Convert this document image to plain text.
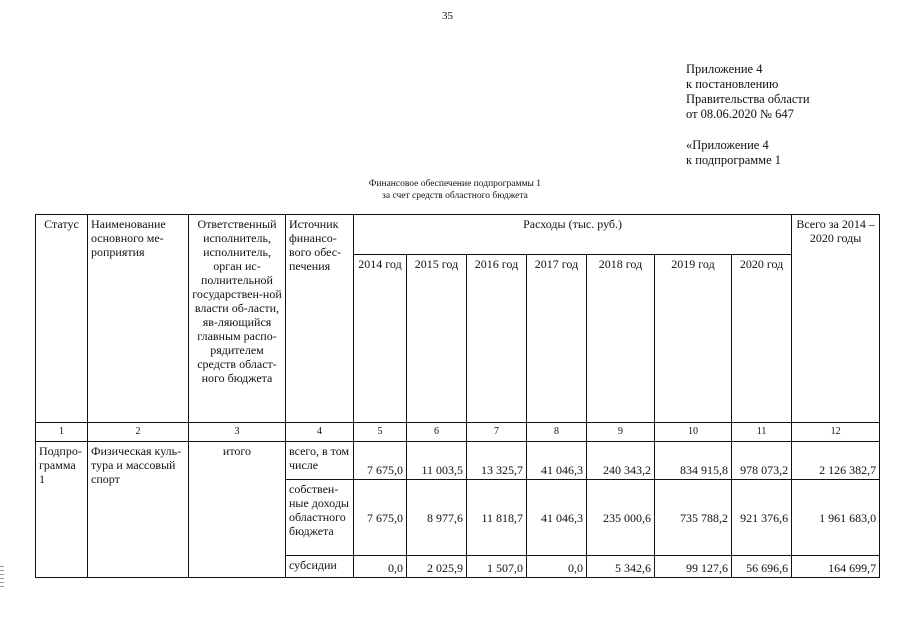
35
Приложение 4
к постановлению
Правительства области
от 08.06.2020 № 647
«Приложение 4
к подпрограмме 1
Финансовое обеспечение подпрограммы 1
за счет средств областного бюджета
Статус	Наименование основного ме-роприятия	Ответственный исполнитель, исполнитель, орган ис-полнительной государствен-ной власти об-ласти, яв-ляющийся главным распо-рядителем средств област-ного бюджета	Источник финансо-вого обес-печения	Расходы (тыс. руб.)							Всего за 2014 – 2020 годы
				2014 год	2015 год	2016 год	2017 год	2018 год	2019 год	2020 год	
1	2	3	4	5	6	7	8	9	10	11	12
Подпро-грамма 1	Физическая куль-тура и массовый спорт	итого	всего, в том числе	7 675,0	11 003,5	13 325,7	41 046,3	240 343,2	834 915,8	978 073,2	2 126 382,7
			собствен-ные доходы областного бюджета	7 675,0	8 977,6	11 818,7	41 046,3	235 000,6	735 788,2	921 376,6	1 961 683,0
			субсидии	0,0	2 025,9	1 507,0	0,0	5 342,6	99 127,6	56 696,6	164 699,7
